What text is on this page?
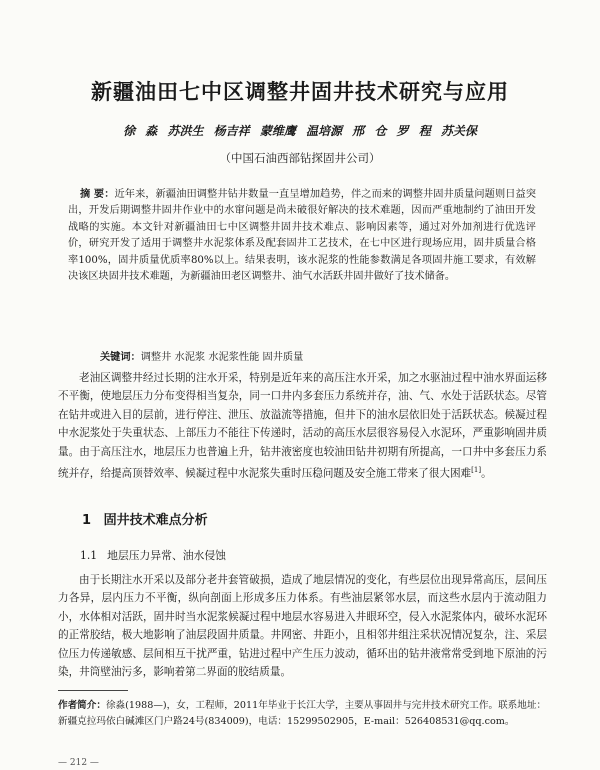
新疆油田七中区调整井固井技术研究与应用
徐 淼 苏洪生 杨吉祥 蒙维鹰 温培源 邢 仓 罗 程 苏关保
（中国石油西部钻探固井公司）
摘 要：近年来，新疆油田调整井钻井数量一直呈增加趋势，伴之而来的调整井固井质量问题则日益突出，开发后期调整井固井作业中的水窜问题是尚未破很好解决的技术难题，因而严重地制约了油田开发战略的实施。本文针对新疆油田七中区调整井固井技术难点、影响因素等，通过对外加剂进行优选评价，研究开发了适用于调整井水泥浆体系及配套固井工艺技术，在七中区进行现场应用，固井质量合格率100%，固井质量优质率80%以上。结果表明，该水泥浆的性能参数满足各项固井施工要求，有效解决该区块固井技术难题，为新疆油田老区调整井、油气水活跃井固井做好了技术储备。
关键词：调整井 水泥浆 水泥浆性能 固井质量
老油区调整井经过长期的注水开采，特别是近年来的高压注水开采，加之水驱油过程中油水界面运移不平衡，使地层压力分布变得相当复杂，同一口井内多套压力系统并存，油、气、水处于活跃状态。尽管在钻井或进入目的层前，进行停注、泄压、放溢流等措施，但井下的油水层依旧处于活跃状态。候凝过程中水泥浆处于失重状态、上部压力不能往下传递时，活动的高压水层很容易侵入水泥环，严重影响固井质量。由于高压注水，地层压力也普遍上升，钻井液密度也较油田钻井初期有所提高，一口井中多套压力系统并存，给提高顶替效率、候凝过程中水泥浆失重时压稳问题及安全施工带来了很大困难[1]。
1 固井技术难点分析
1.1 地层压力异常、油水侵蚀
由于长期注水开采以及部分老井套管破损，造成了地层情况的变化，有些层位出现异常高压，层间压力各异，层内压力不平衡，纵向剖面上形成多压力体系。有些油层紧邻水层，而这些水层内于流动阻力小，水体相对活跃，固井时当水泥浆候凝过程中地层水容易进入井眼环空，侵入水泥浆体内，破坏水泥环的正常胶结，极大地影响了油层段固井质量。井网密、井距小，且相邻井组注采状况情况复杂，注、采层位压力传递敏感、层间相互干扰严重，钻进过程中产生压力波动，循环出的钻井液常常受到地下原油的污染，井筒壁油污多，影响着第二界面的胶结质量。
作者简介：徐淼(1988—)，女，工程师，2011年毕业于长江大学，主要从事固井与完井技术研究工作。联系地址：新疆克拉玛依白碱滩区门户路24号(834009)，电话：15299502905，E-mail：526408531@qq.com。
— 212 —
